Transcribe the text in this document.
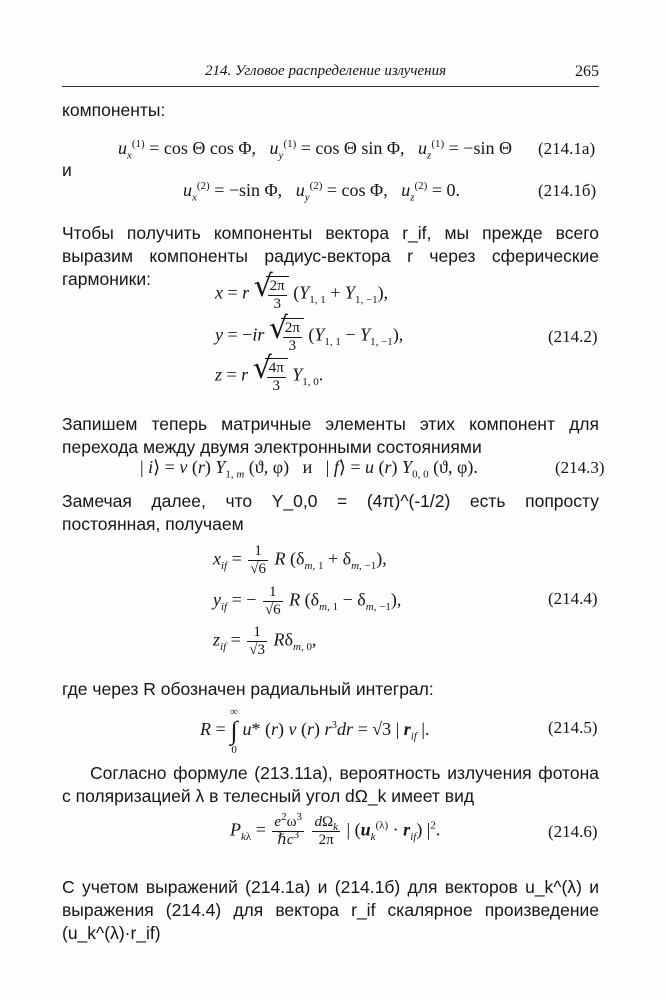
214. Угловое распределение излучения	265
компоненты:
$u_x^{(1)} = \cos \Theta$ cos Φ,   $u_y^{(1)} = \cos \Theta$ sin Φ,   $u_z^{(1)} = -\sin$ Θ (214.1а)
и
$u_x^{(2)} = -\sin$ Φ,   $u_y^{(2)} = \cos \Phi$,   $u_z^{(2)} = 0$.	(214.1б)
Чтобы получить компоненты вектора r_if, мы прежде всего выразим компоненты радиус-вектора r через сферические гармоники:
x = r √
$\frac{2\pi}{3} (Y_{1, 1} + Y_{1, -1})$,
y = −ir √
$\frac{2\pi}{3} (Y_{1, 1} - Y_{1, -1})$,
z = r √
$\frac{4\pi}{3} Y_{1, 0}$.
(214.2)
Запишем теперь матричные элементы этих компонент для перехода между двумя электронными состояниями
| i⟩ = v (r) $Y_{1, m}$ (ϑ, φ)   и   | f⟩ = u (r) $Y_{0, 0}$ (ϑ, φ).	(214.3)
Замечая далее, что Y_0,0 = (4π)^(-1/2) есть попросту постоянная, получаем
$x_{if} = \frac{1}{√6}$ R $(\delta_{m, 1} + \delta_{m, -1})$,
$y_{if}$ = − $\frac{1}{√6}$ R $(\delta_{m, 1} - \delta_{m, -1})$,
$z_{if} = \frac{1}{√3} R\delta_{m, 0}$,
(214.4)
где через R обозначен радиальный интеграл:
R = ∞
∫
0 u* (r) v (r) $r^3dr = √3$ | $r_{if}$ |.	(214.5)
Согласно формуле (213.11а), вероятность излучения фотона с поляризацией λ в телесный угол dΩ_k имеет вид
$P_{k\lambda} = \frac{e^2\omega^3}{\hbar c^3}$
$\frac{d\Omega_k}{2\pi}$ | $(u_k^{(\lambda)} \cdot r_{if})$ $|^2$.	(214.6)
С учетом выражений (214.1а) и (214.1б) для векторов u_k^(λ) и выражения (214.4) для вектора r_if скалярное произведение (u_k^(λ)·r_if)
